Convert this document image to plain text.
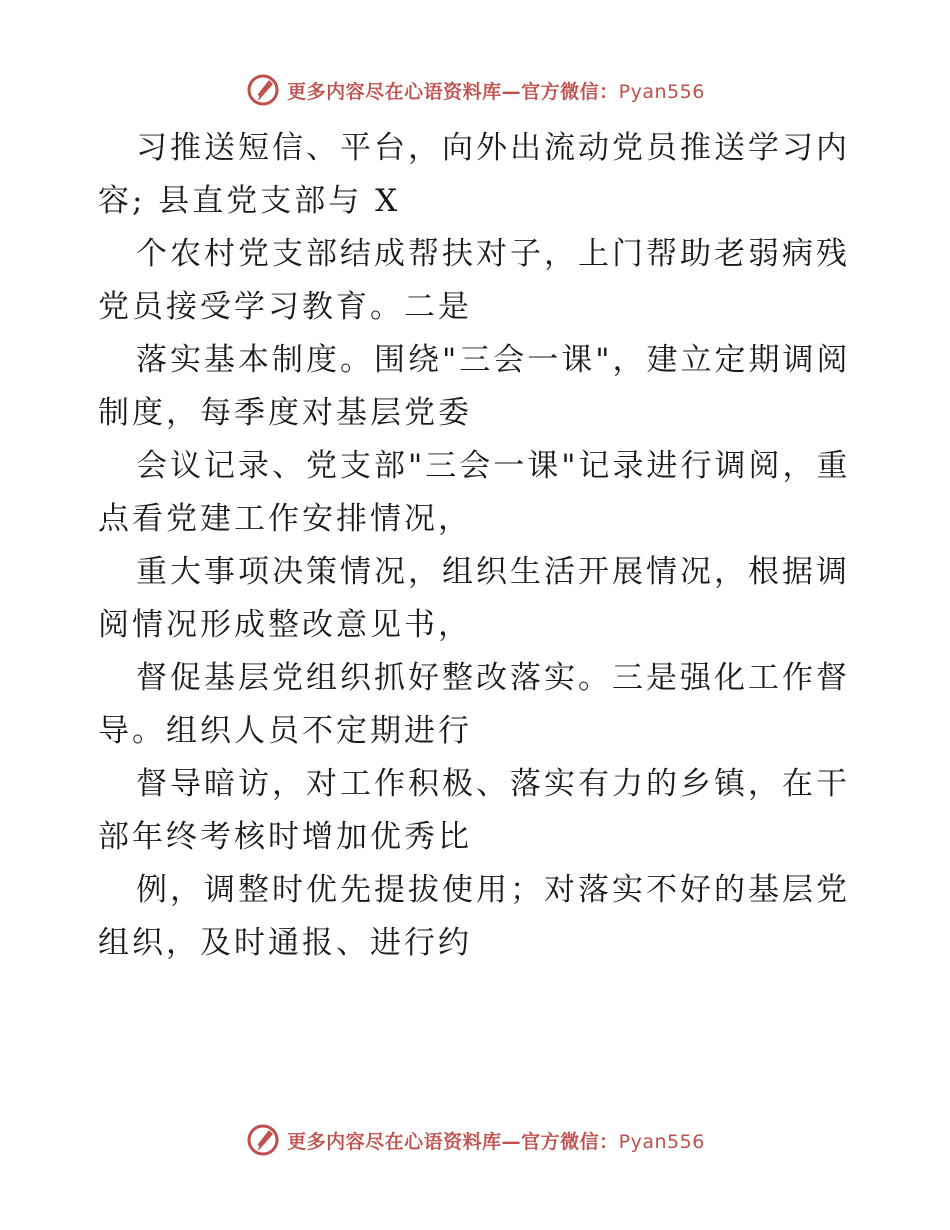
更多内容尽在心语资料库—官方微信：Pyan556

习推送短信、平台，向外出流动党员推送学习内
容; 县直党支部与 X

个农村党支部结成帮扶对子，上门帮助老弱病残
党员接受学习教育。二是

落实基本制度。围绕"三会一课"，建立定期调阅
制度，每季度对基层党委

会议记录、党支部"三会一课"记录进行调阅，重
点看党建工作安排情况，

重大事项决策情况，组织生活开展情况，根据调
阅情况形成整改意见书，

督促基层党组织抓好整改落实。三是强化工作督
导。组织人员不定期进行

督导暗访，对工作积极、落实有力的乡镇，在干
部年终考核时增加优秀比

例，调整时优先提拔使用；对落实不好的基层党
组织，及时通报、进行约

更多内容尽在心语资料库—官方微信：Pyan556
